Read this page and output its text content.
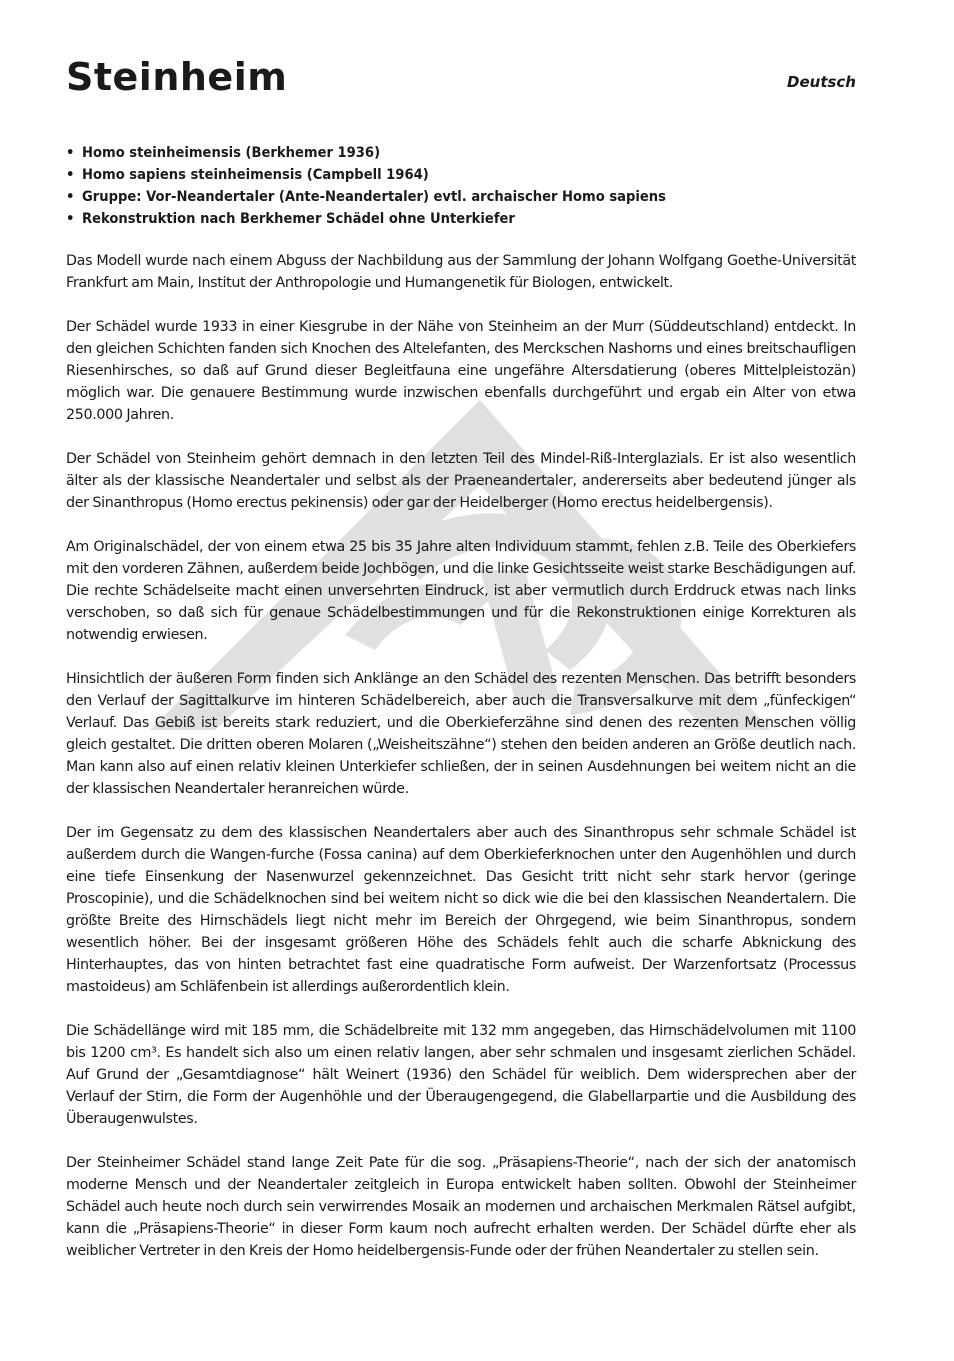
Steinheim	Deutsch
• Homo steinheimensis (Berkhemer 1936)
• Homo sapiens steinheimensis (Campbell 1964)
• Gruppe: Vor-Neandertaler (Ante-Neandertaler) evtl. archaischer Homo sapiens
• Rekonstruktion nach Berkhemer Schädel ohne Unterkiefer

Das Modell wurde nach einem Abguss der Nachbildung aus der Sammlung der Johann Wolfgang Goethe-Universität Frankfurt am Main, Institut der Anthropologie und Humangenetik für Biologen, entwickelt.

Der Schädel wurde 1933 in einer Kiesgrube in der Nähe von Steinheim an der Murr (Süddeutschland) entdeckt. In den gleichen Schichten fanden sich Knochen des Altelefanten, des Merckschen Nashorns und eines breitschaufligen Riesenhirsches, so daß auf Grund dieser Begleitfauna eine ungefähre Altersdatierung (oberes Mittelpleistozän) möglich war. Die genauere Bestimmung wurde inzwischen ebenfalls durchgeführt und ergab ein Alter von etwa 250.000 Jahren.

Der Schädel von Steinheim gehört demnach in den letzten Teil des Mindel-Riß-Interglazials. Er ist also wesentlich älter als der klassische Neandertaler und selbst als der Praeneandertaler, andererseits aber bedeutend jünger als der Sinanthropus (Homo erectus pekinensis) oder gar der Heidelberger (Homo erectus heidelbergensis).

Am Originalschädel, der von einem etwa 25 bis 35 Jahre alten Individuum stammt, fehlen z.B. Teile des Oberkiefers mit den vorderen Zähnen, außerdem beide Jochbögen, und die linke Gesichtsseite weist starke Beschädigungen auf. Die rechte Schädelseite macht einen unversehrten Eindruck, ist aber vermutlich durch Erddruck etwas nach links verschoben, so daß sich für genaue Schädelbestimmungen und für die Rekonstruktionen einige Korrekturen als notwendig erwiesen.

Hinsichtlich der äußeren Form finden sich Anklänge an den Schädel des rezenten Menschen. Das betrifft besonders den Verlauf der Sagittalkurve im hinteren Schädelbereich, aber auch die Transversalkurve mit dem „fünfeckigen“ Verlauf. Das Gebiß ist bereits stark reduziert, und die Oberkieferzähne sind denen des rezenten Menschen völlig gleich gestaltet. Die dritten oberen Molaren („Weisheitszähne“) stehen den beiden anderen an Größe deutlich nach. Man kann also auf einen relativ kleinen Unterkiefer schließen, der in seinen Ausdehnungen bei weitem nicht an die der klassischen Neandertaler heranreichen würde.

Der im Gegensatz zu dem des klassischen Neandertalers aber auch des Sinanthropus sehr schmale Schädel ist außerdem durch die Wangen-furche (Fossa canina) auf dem Oberkieferknochen unter den Augenhöhlen und durch eine tiefe Einsenkung der Nasenwurzel gekennzeichnet. Das Gesicht tritt nicht sehr stark hervor (geringe Proscopinie), und die Schädelknochen sind bei weitem nicht so dick wie die bei den klassischen Neandertalern. Die größte Breite des Hirnschädels liegt nicht mehr im Bereich der Ohrgegend, wie beim Sinanthropus, sondern wesentlich höher. Bei der insgesamt größeren Höhe des Schädels fehlt auch die scharfe Abknickung des Hinterhauptes, das von hinten betrachtet fast eine quadratische Form aufweist. Der Warzenfortsatz (Processus mastoideus) am Schläfenbein ist allerdings außerordentlich klein.

Die Schädellänge wird mit 185 mm, die Schädelbreite mit 132 mm angegeben, das Hirnschädelvolumen mit 1100 bis 1200 cm³. Es handelt sich also um einen relativ langen, aber sehr schmalen und insgesamt zierlichen Schädel. Auf Grund der „Gesamtdiagnose“ hält Weinert (1936) den Schädel für weiblich. Dem widersprechen aber der Verlauf der Stirn, die Form der Augenhöhle und der Überaugengegend, die Glabellarpartie und die Ausbildung des Überaugenwulstes.

Der Steinheimer Schädel stand lange Zeit Pate für die sog. „Präsapiens-Theorie“, nach der sich der anatomisch moderne Mensch und der Neandertaler zeitgleich in Europa entwickelt haben sollten. Obwohl der Steinheimer Schädel auch heute noch durch sein verwirrendes Mosaik an modernen und archaischen Merkmalen Rätsel aufgibt, kann die „Präsapiens-Theorie“ in dieser Form kaum noch aufrecht erhalten werden. Der Schädel dürfte eher als weiblicher Vertreter in den Kreis der Homo heidelbergensis-Funde oder der frühen Neandertaler zu stellen sein.
